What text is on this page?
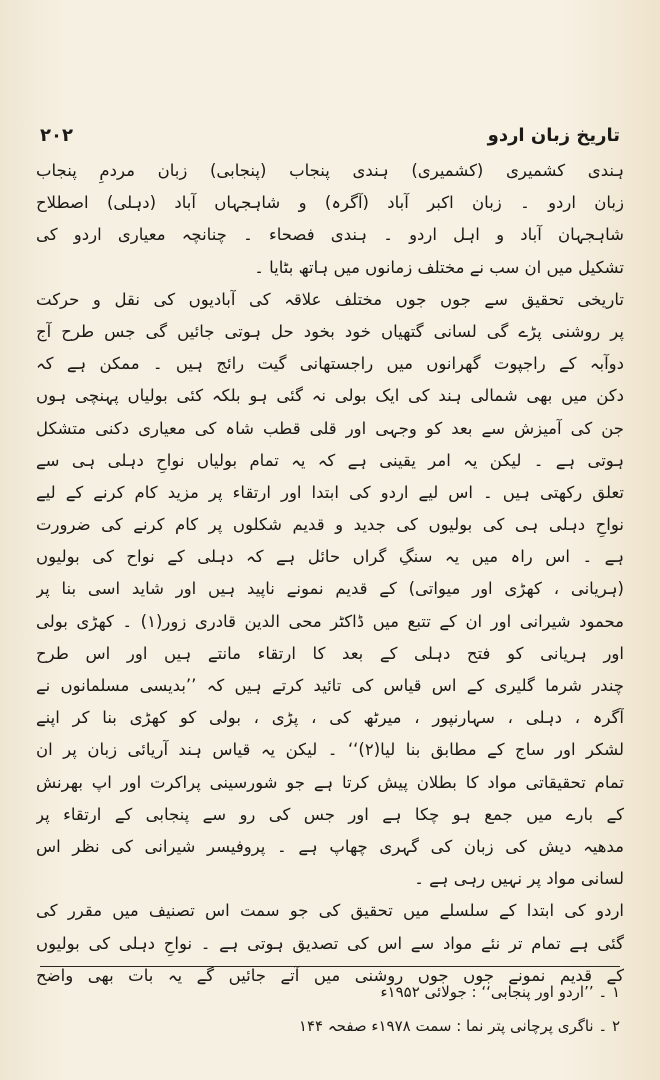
۲۰۲	تاریخ زبان اردو
ہندی کشمیری (کشمیری) ہندی پنجاب (پنجابی) زبان مردمِ پنجاب
زبان اردو ۔ زبان اکبر آباد (آگرہ) و شاہجہاں آباد (دہلی) اصطلاح
شاہجہان آباد و اہل اردو ۔ ہندی فصحاء ۔ چنانچہ معیاری اردو کی
تشکیل میں ان سب نے مختلف زمانوں میں ہاتھ بٹایا ۔
تاریخی تحقیق سے جوں جوں مختلف علاقہ کی آبادیوں کی نقل و حرکت
پر روشنی پڑے گی لسانی گتھیاں خود بخود حل ہوتی جائیں گی جس طرح آج
دوآبہ کے راجپوت گھرانوں میں راجستھانی گیت رائج ہیں ۔ ممکن ہے کہ
دکن میں بھی شمالی ہند کی ایک بولی نہ گئی ہو بلکہ کئی بولیاں پہنچی ہوں
جن کی آمیزش سے بعد کو وجہی اور قلی قطب شاہ کی معیاری دکنی متشکل
ہوتی ہے ۔ لیکن یہ امر یقینی ہے کہ یہ تمام بولیاں نواحِ دہلی ہی سے
تعلق رکھتی ہیں ۔ اس لیے اردو کی ابتدا اور ارتقاء پر مزید کام کرنے کے لیے
نواحِ دہلی ہی کی بولیوں کی جدید و قدیم شکلوں پر کام کرنے کی ضرورت
ہے ۔ اس راہ میں یہ سنگِ گراں حائل ہے کہ دہلی کے نواح کی بولیوں
(ہریانی ، کھڑی اور میواتی) کے قدیم نمونے ناپید ہیں اور شاید اسی بنا پر
محمود شیرانی اور ان کے تتبع میں ڈاکٹر محی الدین قادری زور(۱) ۔ کھڑی بولی
اور ہریانی کو فتح دہلی کے بعد کا ارتقاء مانتے ہیں اور اس طرح
چندر شرما گلیری کے اس قیاس کی تائید کرتے ہیں کہ ’’بدیسی مسلمانوں نے
آگرہ ، دہلی ، سہارنپور ، میرٹھ کی ، پڑی ، بولی کو کھڑی بنا کر اپنے
لشکر اور ساج کے مطابق بنا لیا(۲)‘‘ ۔ لیکن یہ قیاس ہند آریائی زبان پر ان
تمام تحقیقاتی مواد کا بطلان پیش کرتا ہے جو شورسینی پراکرت اور اپ بھرنش
کے بارے میں جمع ہو چکا ہے اور جس کی رو سے پنجابی کے ارتقاء پر
مدھیہ دیش کی زبان کی گہری چھاپ ہے ۔ پروفیسر شیرانی کی نظر اس
لسانی مواد پر نہیں رہی ہے ۔
اردو کی ابتدا کے سلسلے میں تحقیق کی جو سمت اس تصنیف میں مقرر کی
گئی ہے تمام تر نئے مواد سے اس کی تصدیق ہوتی ہے ۔ نواحِ دہلی کی بولیوں
کے قدیم نمونے جوں جوں روشنی میں آتے جائیں گے یہ بات بھی واضح
۱ ۔ ’’اردو اور پنجابی‘‘ : جولائی ۱۹۵۲ء
۲ ۔ ناگری پرچانی پتر نما : سمت ۱۹۷۸ء صفحہ ۱۴۴
